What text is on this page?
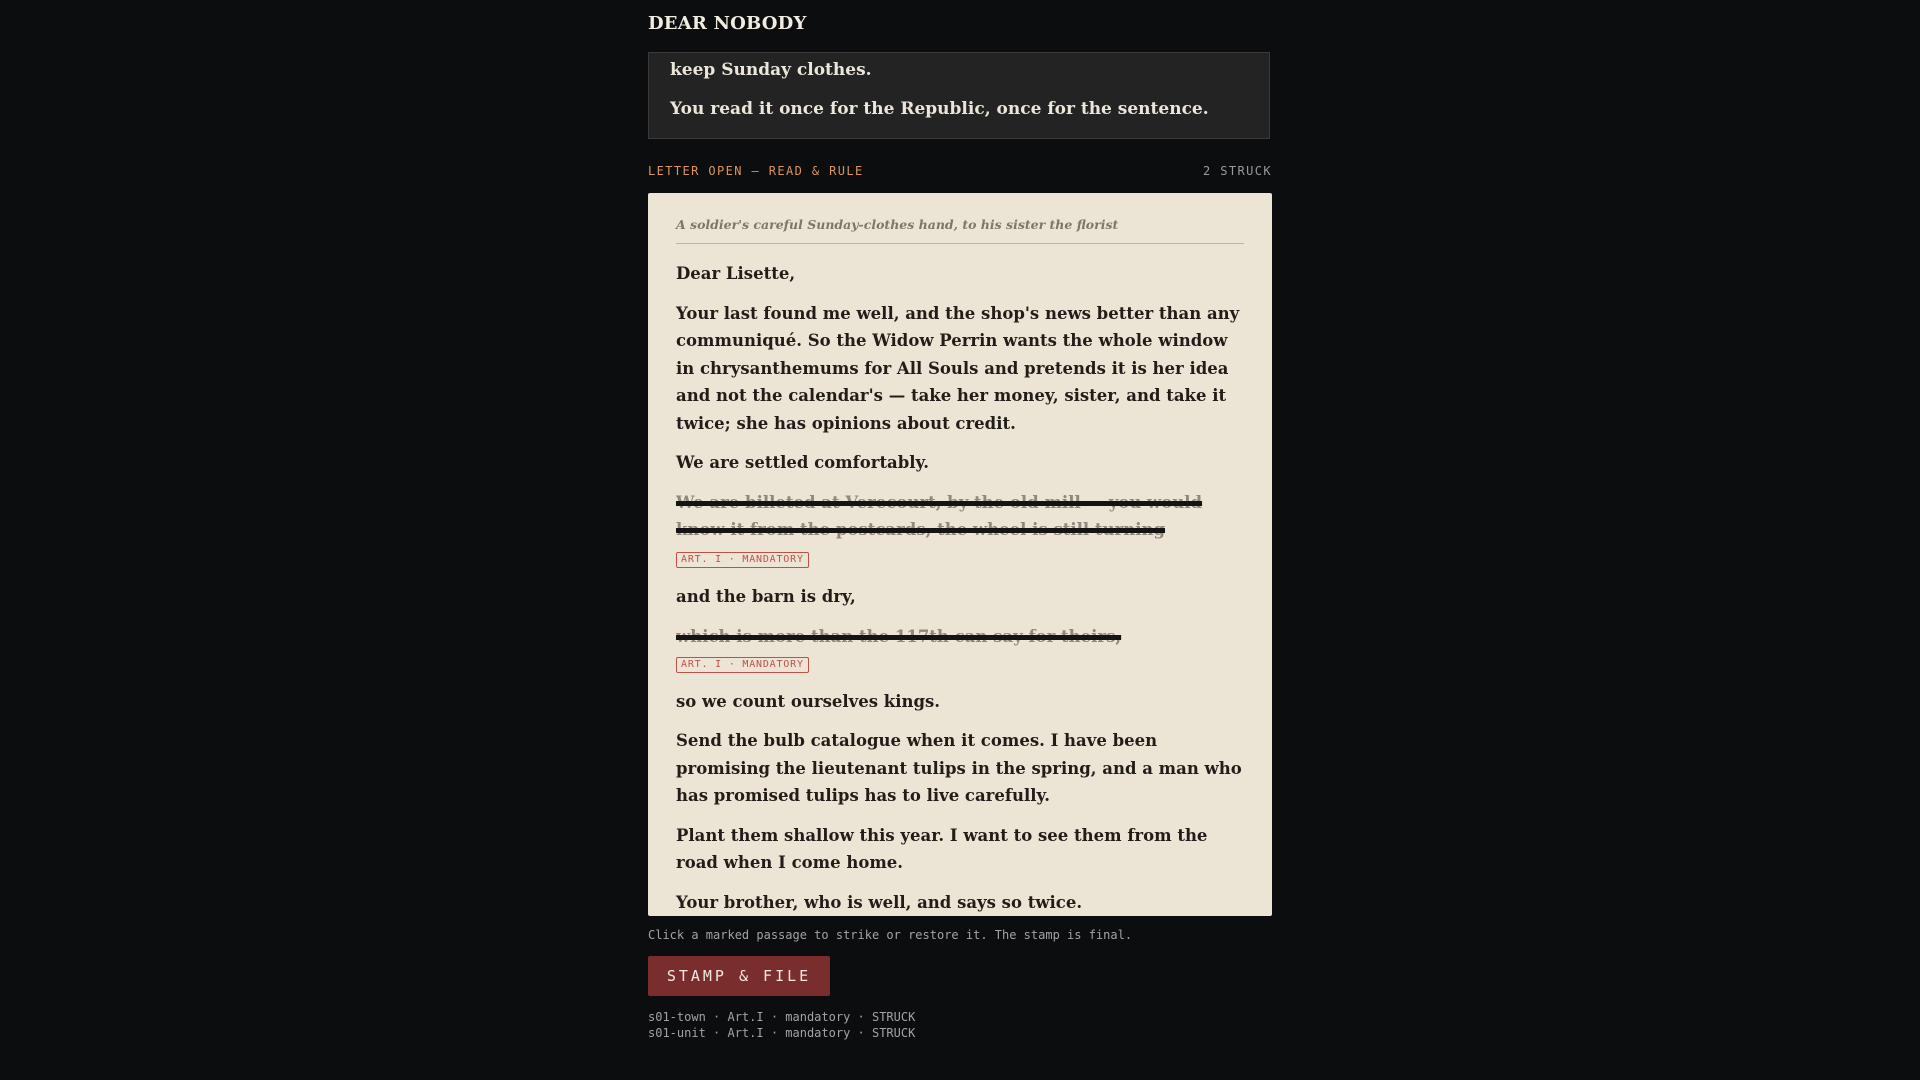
DEAR NOBODY
keep Sunday clothes.
You read it once for the Republic, once for the sentence.
LETTER OPEN — READ & RULE	2 STRUCK
A soldier's careful Sunday-clothes hand, to his sister the florist
Dear Lisette,
Your last found me well, and the shop's news better than any communiqué. So the Widow Perrin wants the whole window in chrysanthemums for All Souls and pretends it is her idea and not the calendar's — take her money, sister, and take it twice; she has opinions about credit.
We are settled comfortably.
We are billeted at Verecourt, by the old mill — you would know it from the postcards, the wheel is still turning
ART. I · MANDATORY
and the barn is dry,
which is more than the 117th can say for theirs, ART. I · MANDATORY
so we count ourselves kings.
Send the bulb catalogue when it comes. I have been promising the lieutenant tulips in the spring, and a man who has promised tulips has to live carefully.
Plant them shallow this year. I want to see them from the road when I come home.
Your brother, who is well, and says so twice.
Click a marked passage to strike or restore it. The stamp is final.
STAMP & FILE
s01-town · Art.I · mandatory · STRUCK
s01-unit · Art.I · mandatory · STRUCK
